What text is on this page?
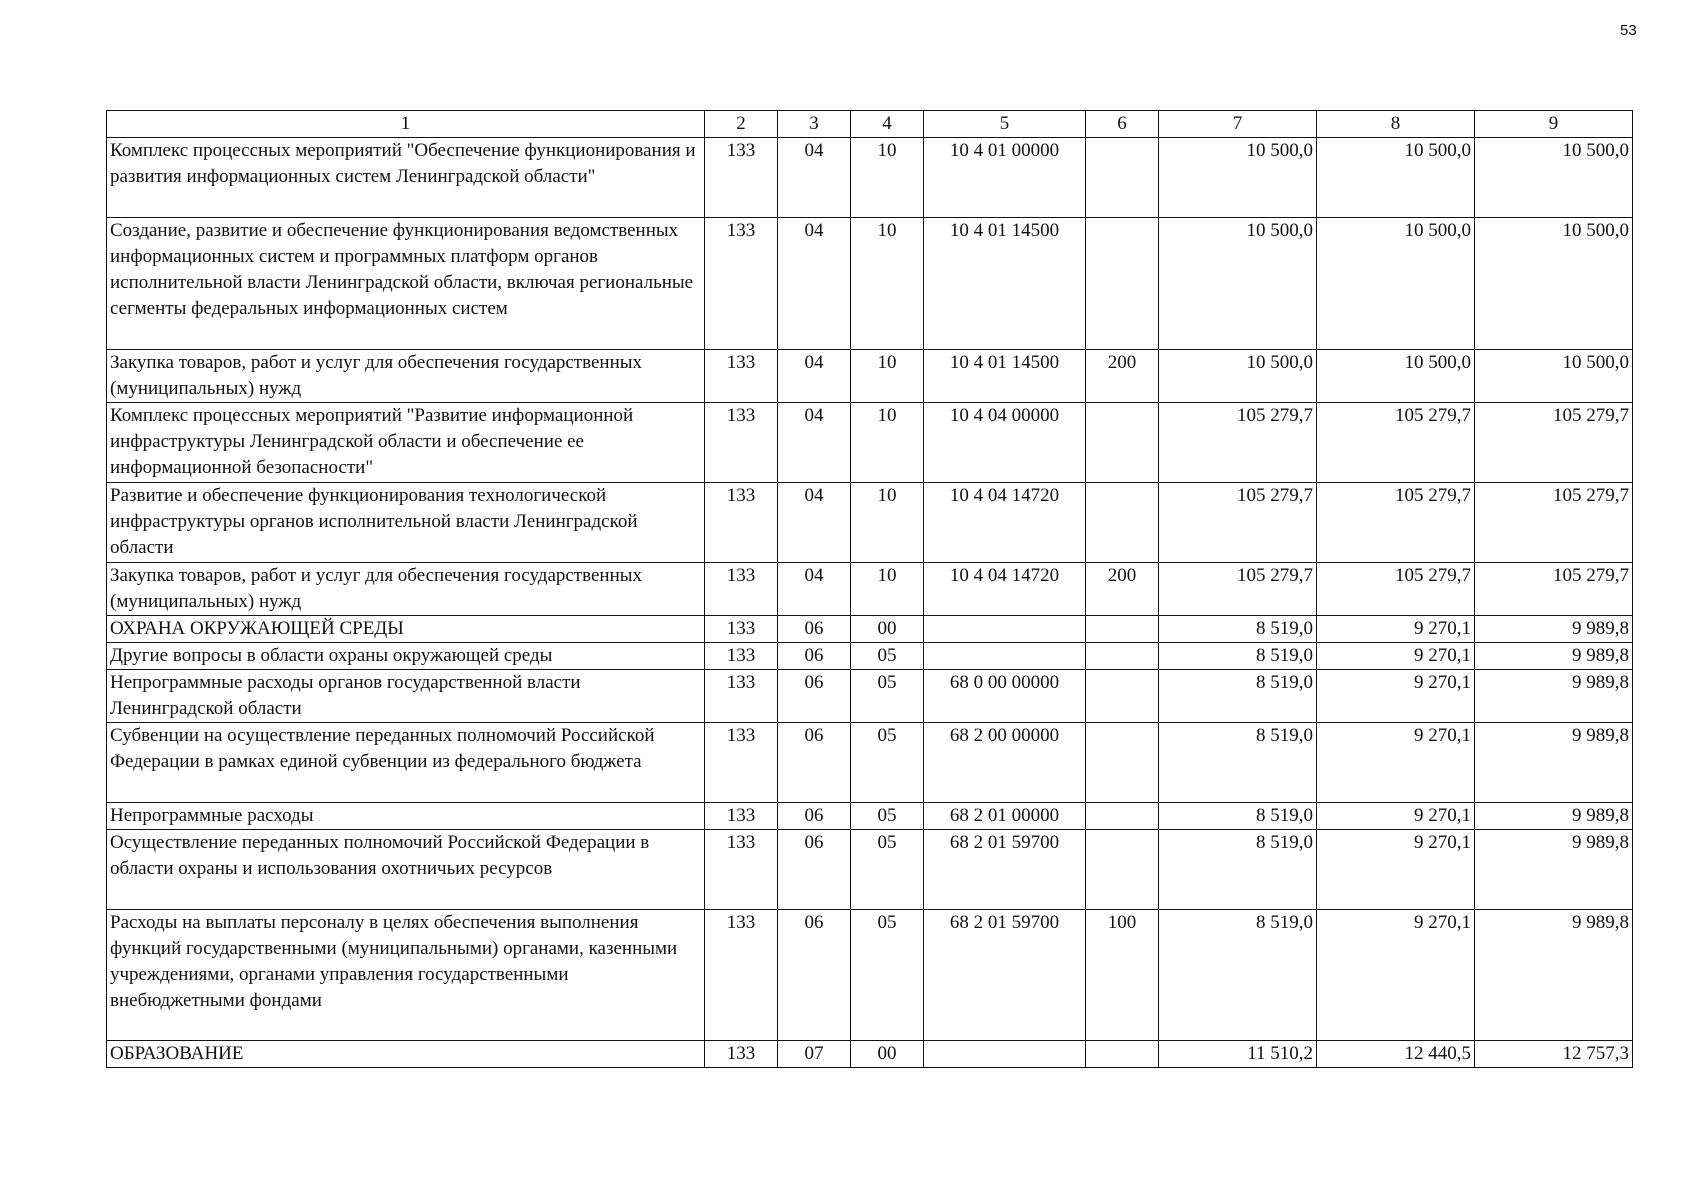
53
1	2	3	4	5	6	7	8	9
Комплекс процессных мероприятий "Обеспечение функционирования и развития информационных систем Ленинградской области"	133	04	10	10 4 01 00000		10 500,0	10 500,0	10 500,0
Создание, развитие и обеспечение функционирования ведомственных информационных систем и программных платформ органов исполнительной власти Ленинградской области, включая региональные сегменты федеральных информационных систем	133	04	10	10 4 01 14500		10 500,0	10 500,0	10 500,0
Закупка товаров, работ и услуг для обеспечения государственных (муниципальных) нужд	133	04	10	10 4 01 14500	200	10 500,0	10 500,0	10 500,0
Комплекс процессных мероприятий "Развитие информационной инфраструктуры Ленинградской области и обеспечение ее информационной безопасности"	133	04	10	10 4 04 00000		105 279,7	105 279,7	105 279,7
Развитие и обеспечение функционирования технологической инфраструктуры органов исполнительной власти Ленинградской области	133	04	10	10 4 04 14720		105 279,7	105 279,7	105 279,7
Закупка товаров, работ и услуг для обеспечения государственных (муниципальных) нужд	133	04	10	10 4 04 14720	200	105 279,7	105 279,7	105 279,7
ОХРАНА ОКРУЖАЮЩЕЙ СРЕДЫ	133	06	00			8 519,0	9 270,1	9 989,8
Другие вопросы в области охраны окружающей среды	133	06	05			8 519,0	9 270,1	9 989,8
Непрограммные расходы органов государственной власти Ленинградской области	133	06	05	68 0 00 00000		8 519,0	9 270,1	9 989,8
Субвенции на осуществление переданных полномочий Российской Федерации в рамках единой субвенции из федерального бюджета	133	06	05	68 2 00 00000		8 519,0	9 270,1	9 989,8
Непрограммные расходы	133	06	05	68 2 01 00000		8 519,0	9 270,1	9 989,8
Осуществление переданных полномочий Российской Федерации в области охраны и использования охотничьих ресурсов	133	06	05	68 2 01 59700		8 519,0	9 270,1	9 989,8
Расходы на выплаты персоналу в целях обеспечения выполнения функций государственными (муниципальными) органами, казенными учреждениями, органами управления государственными внебюджетными фондами	133	06	05	68 2 01 59700	100	8 519,0	9 270,1	9 989,8
ОБРАЗОВАНИЕ	133	07	00			11 510,2	12 440,5	12 757,3
